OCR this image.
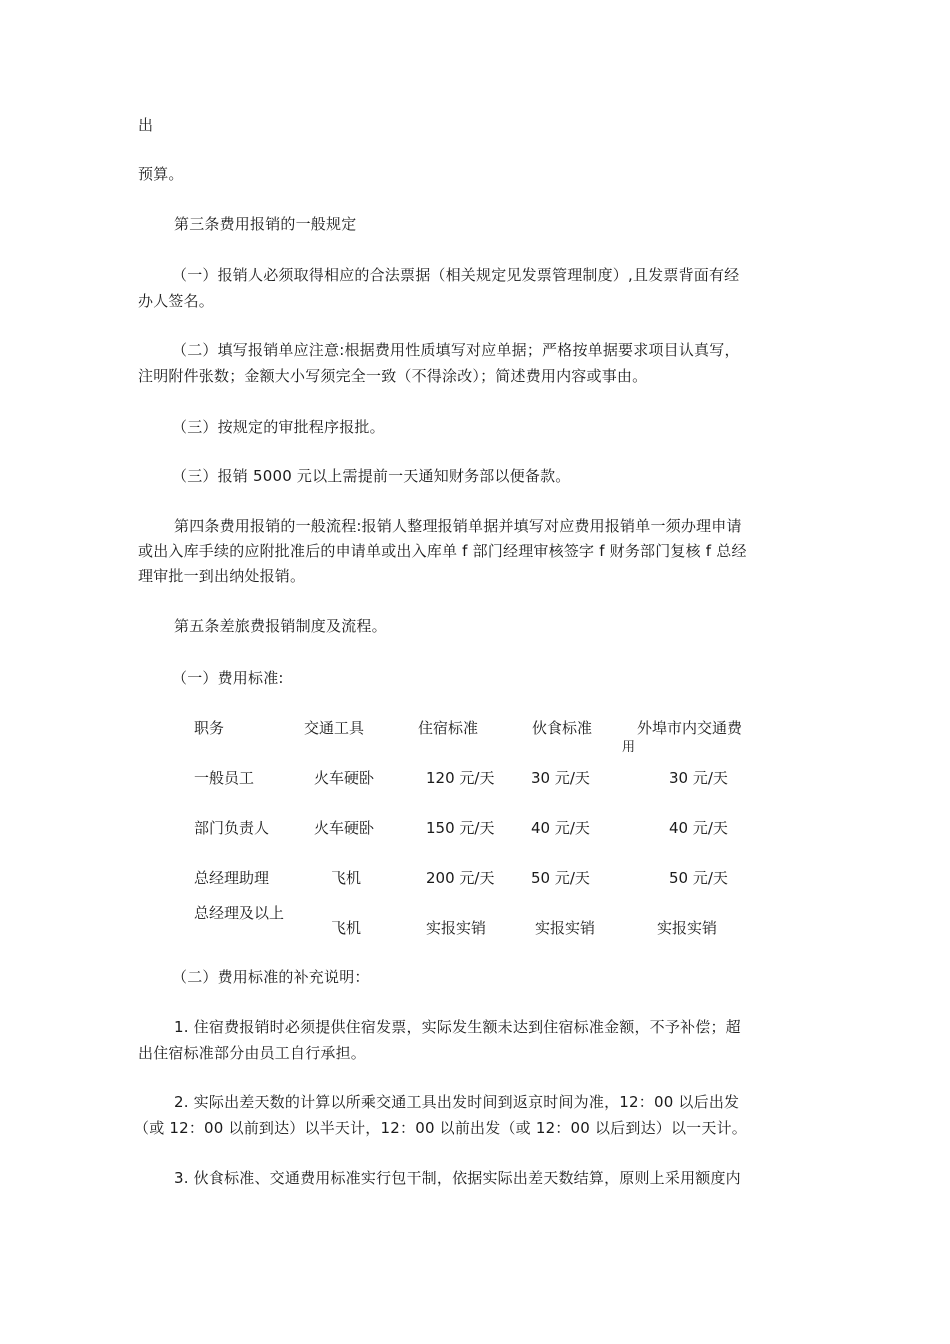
出
预算。
第三条费用报销的一般规定
（一）报销人必须取得相应的合法票据（相关规定见发票管理制度）,且发票背面有经
办人签名。
（二）填写报销单应注意:根据费用性质填写对应单据；严格按单据要求项目认真写，
注明附件张数；金额大小写须完全一致（不得涂改）；简述费用内容或事由。
（三）按规定的审批程序报批。
（三）报销 5000 元以上需提前一天通知财务部以便备款。
第四条费用报销的一般流程:报销人整理报销单据并填写对应费用报销单一须办理申请
或出入库手续的应附批准后的申请单或出入库单 f 部门经理审核签字 f 财务部门复核 f 总经
理审批一到出纳处报销。
第五条差旅费报销制度及流程。
（一）费用标准:
职务	交通工具	住宿标准	伙食标准	外埠市内交通费
用
一般员工	火车硬卧	120 元/天 30 元/天	30 元/天
部门负责人	火车硬卧	150 元/天 40 元/天	40 元/天
总经理助理	飞机	200 元/天 50 元/天	50 元/天
总经理及以上
飞机	实报实销	实报实销	实报实销
（二）费用标准的补充说明：
1. 住宿费报销时必须提供住宿发票，实际发生额未达到住宿标准金额，不予补偿；超
出住宿标准部分由员工自行承担。
2. 实际出差天数的计算以所乘交通工具出发时间到返京时间为准，12：00 以后出发
（或 12：00 以前到达）以半天计，12：00 以前出发（或 12：00 以后到达）以一天计。
3. 伙食标准、交通费用标准实行包干制，依据实际出差天数结算，原则上采用额度内
